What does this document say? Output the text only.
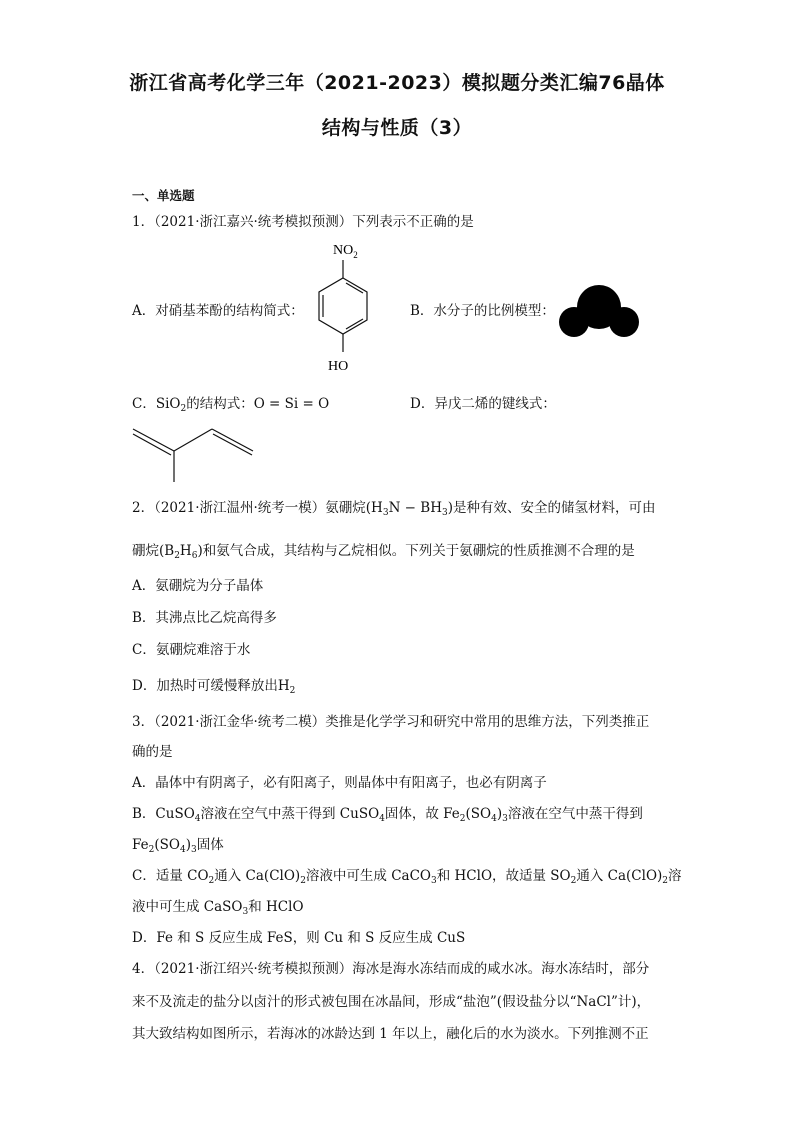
浙江省高考化学三年（2021-2023）模拟题分类汇编76晶体
结构与性质（3）
一、单选题
1．（2021·浙江嘉兴·统考模拟预测）下列表示不正确的是
A．对硝基苯酚的结构简式：
$NO_2$
HO
B．水分子的比例模型：
C．SiO$_2$的结构式：O = Si = O	D．异戊二烯的键线式：
2．（2021·浙江温州·统考一模）氨硼烷$(H_3N - BH_3)$是种有效、安全的储氢材料，可由
硼烷$(B_2H_6)$和氨气合成，其结构与乙烷相似。下列关于氨硼烷的性质推测不合理的是
A．氨硼烷为分子晶体
B．其沸点比乙烷高得多
C．氨硼烷难溶于水
D．加热时可缓慢释放出$H_2$
3．（2021·浙江金华·统考二模）类推是化学学习和研究中常用的思维方法，下列类推正
确的是
A．晶体中有阴离子，必有阳离子，则晶体中有阳离子，也必有阴离子
B．CuSO$_4$溶液在空气中蒸干得到 CuSO$_4$固体，故 $Fe_2(SO_4)_3$溶液在空气中蒸干得到
$Fe_2(SO_4)_3$固体
C．适量 $CO_2$通入 $Ca(ClO)_2$溶液中可生成 CaCO$_3$和 HClO，故适量 $SO_2$通入 $Ca(ClO)_2$溶
液中可生成 CaSO$_3$和 HClO
D．Fe 和 S 反应生成 FeS，则 Cu 和 S 反应生成 CuS
4．（2021·浙江绍兴·统考模拟预测）海冰是海水冻结而成的咸水冰。海水冻结时，部分
来不及流走的盐分以卤汁的形式被包围在冰晶间，形成“盐泡”(假设盐分以“NaCl”计)，
其大致结构如图所示，若海冰的冰龄达到 1 年以上，融化后的水为淡水。下列推测不正
